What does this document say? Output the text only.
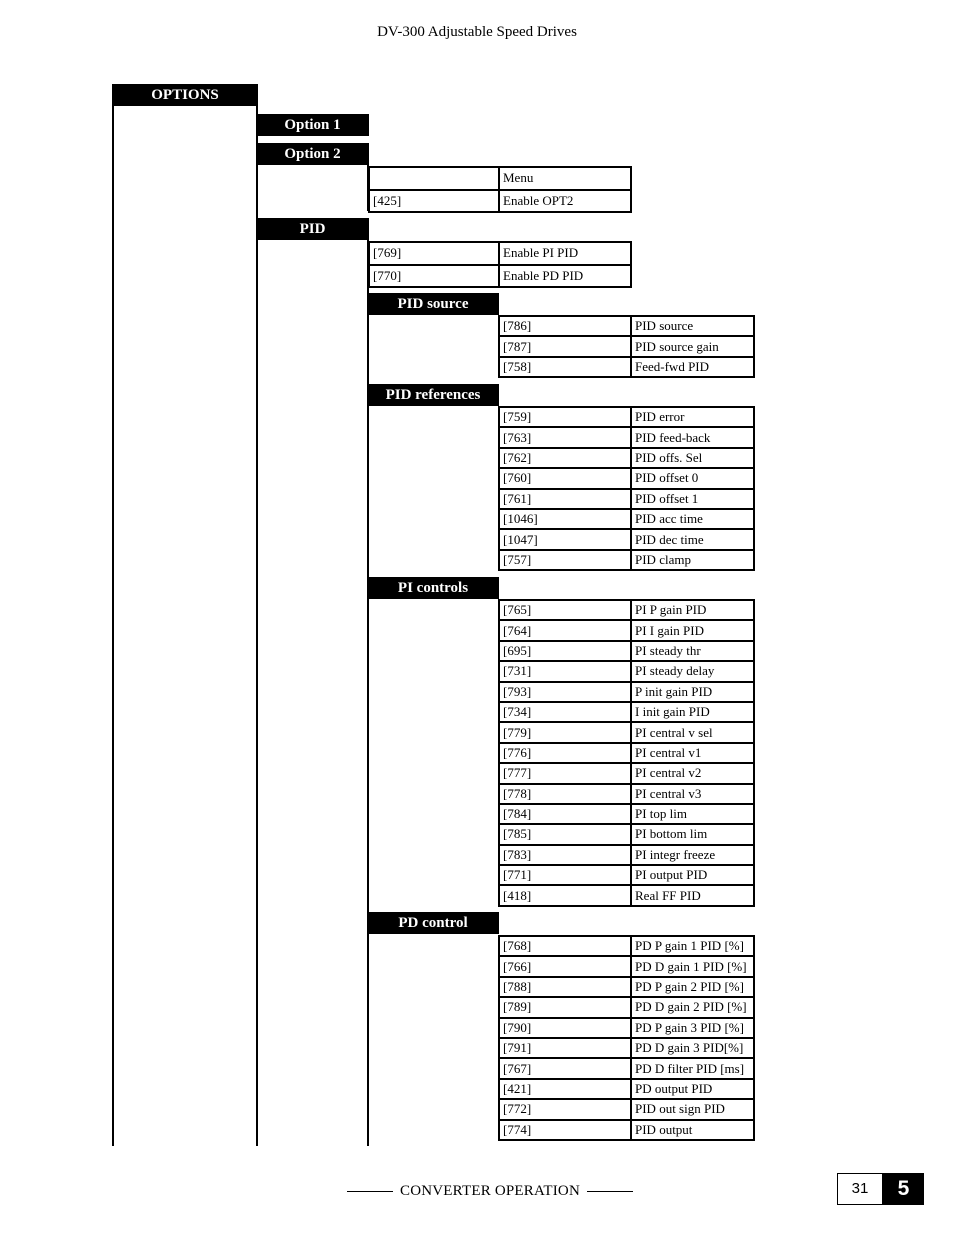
DV-300 Adjustable Speed Drives
OPTIONS
Option 1
Option 2
PID
PID source
PID references
PI controls
PD control
	Menu
[425]	Enable OPT2
[769]	Enable PI PID
[770]	Enable PD PID
[786]	PID source
[787]	PID source gain
[758]	Feed-fwd PID
[759]	PID error
[763]	PID feed-back
[762]	PID offs. Sel
[760]	PID offset 0
[761]	PID offset 1
[1046]	PID acc time
[1047]	PID dec time
[757]	PID clamp
[765]	PI P gain PID
[764]	PI I gain PID
[695]	PI steady thr
[731]	PI steady delay
[793]	P init gain PID
[734]	I init gain PID
[779]	PI central v sel
[776]	PI central v1
[777]	PI central v2
[778]	PI central v3
[784]	PI top lim
[785]	PI bottom lim
[783]	PI integr freeze
[771]	PI output PID
[418]	Real FF PID
[768]	PD P gain 1 PID [%]
[766]	PD D gain 1 PID [%]
[788]	PD P gain 2 PID [%]
[789]	PD D gain 2 PID [%]
[790]	PD P gain 3 PID [%]
[791]	PD D gain 3 PID[%]
[767]	PD D filter PID [ms]
[421]	PD output PID
[772]	PID out sign PID
[774]	PID output
CONVERTER OPERATION	31	5
